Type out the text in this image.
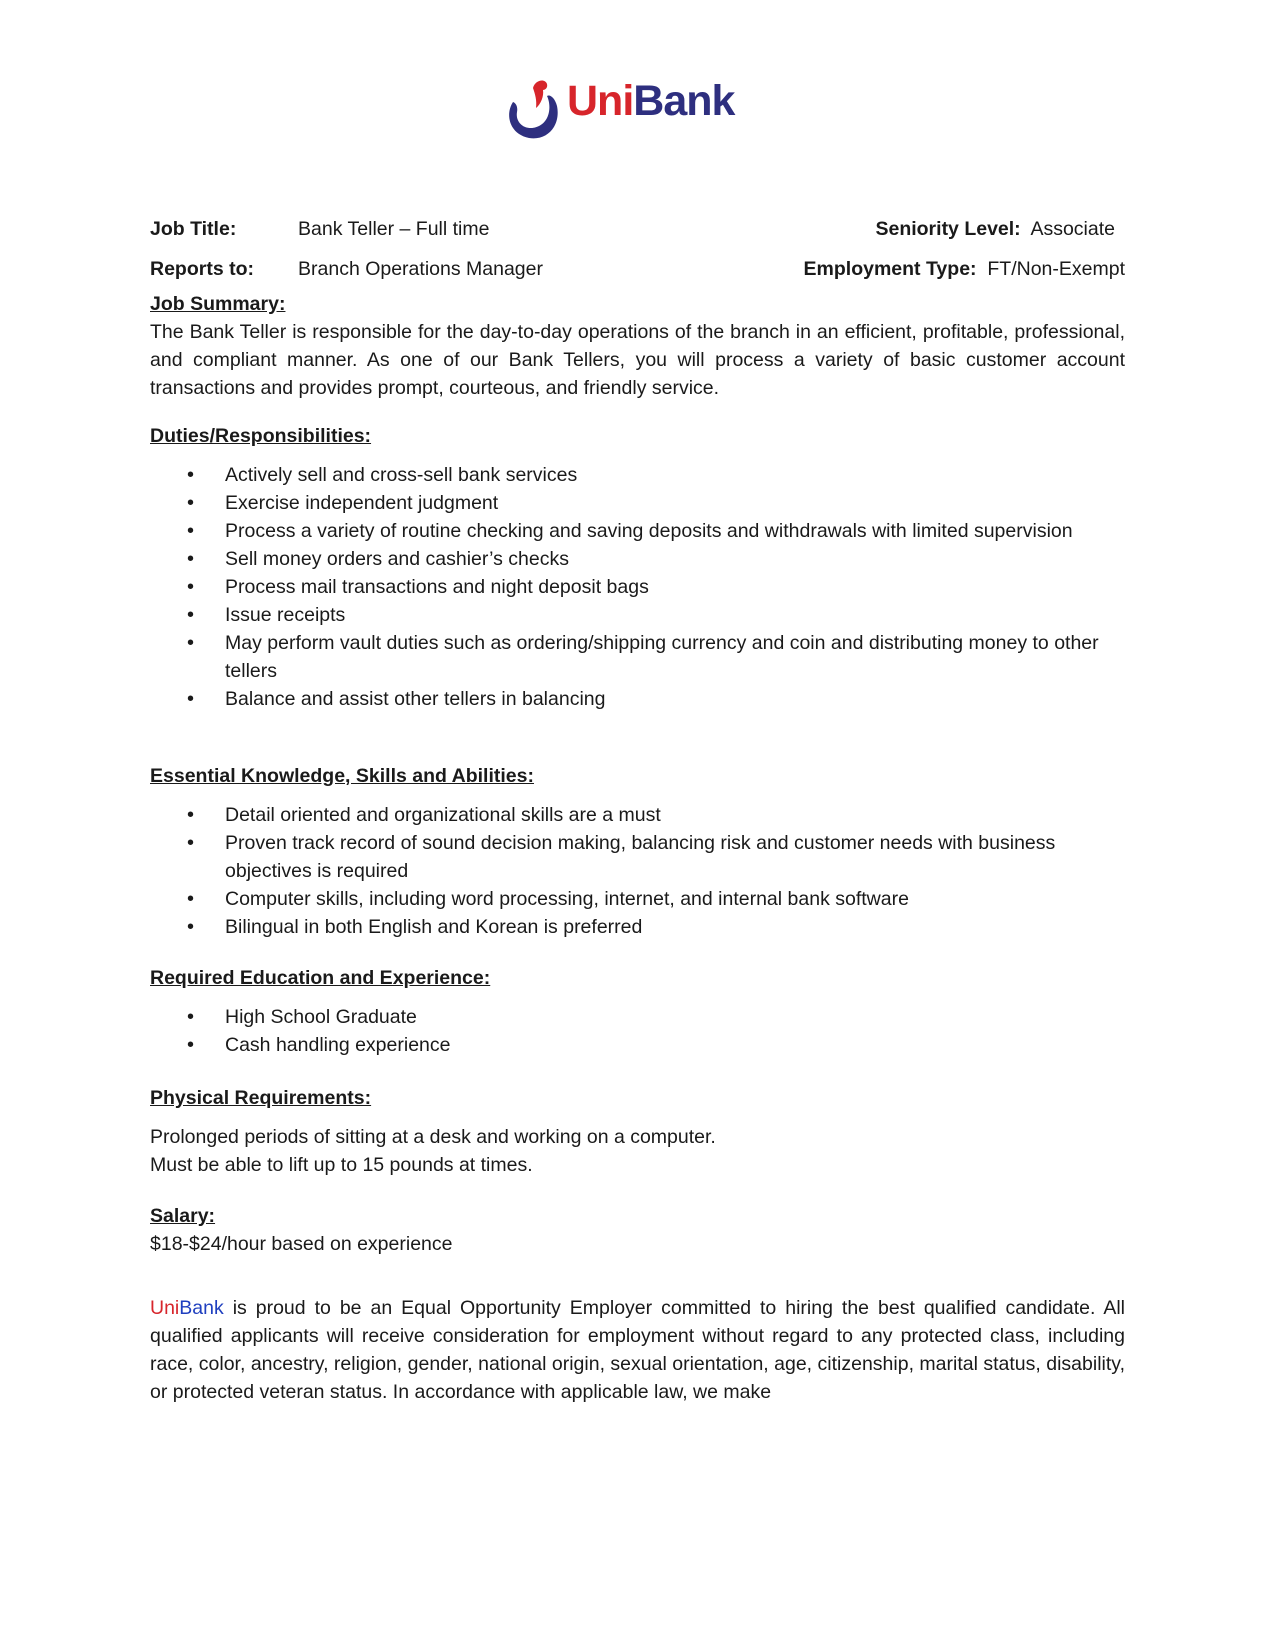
UniBank
Job Title:	Bank Teller – Full time	Seniority Level: Associate
Reports to: Branch Operations Manager	Employment Type: FT/Non-Exempt
Job Summary:
The Bank Teller is responsible for the day-to-day operations of the branch in an efficient, profitable, professional, and compliant manner. As one of our Bank Tellers, you will process a variety of basic customer account transactions and provides prompt, courteous, and friendly service.
Duties/Responsibilities:
• Actively sell and cross-sell bank services
• Exercise independent judgment
• Process a variety of routine checking and saving deposits and withdrawals with limited supervision
• Sell money orders and cashier’s checks
• Process mail transactions and night deposit bags
• Issue receipts
• May perform vault duties such as ordering/shipping currency and coin and distributing money to other tellers
• Balance and assist other tellers in balancing
Essential Knowledge, Skills and Abilities:
• Detail oriented and organizational skills are a must
• Proven track record of sound decision making, balancing risk and customer needs with business objectives is required
• Computer skills, including word processing, internet, and internal bank software
• Bilingual in both English and Korean is preferred
Required Education and Experience:
• High School Graduate
• Cash handling experience
Physical Requirements:

Prolonged periods of sitting at a desk and working on a computer.

Must be able to lift up to 15 pounds at times.

Salary:
$18-$24/hour based on experience
UniBank is proud to be an Equal Opportunity Employer committed to hiring the best qualified candidate. All qualified applicants will receive consideration for employment without regard to any protected class, including race, color, ancestry, religion, gender, national origin, sexual orientation, age, citizenship, marital status, disability, or protected veteran status. In accordance with applicable law, we make
